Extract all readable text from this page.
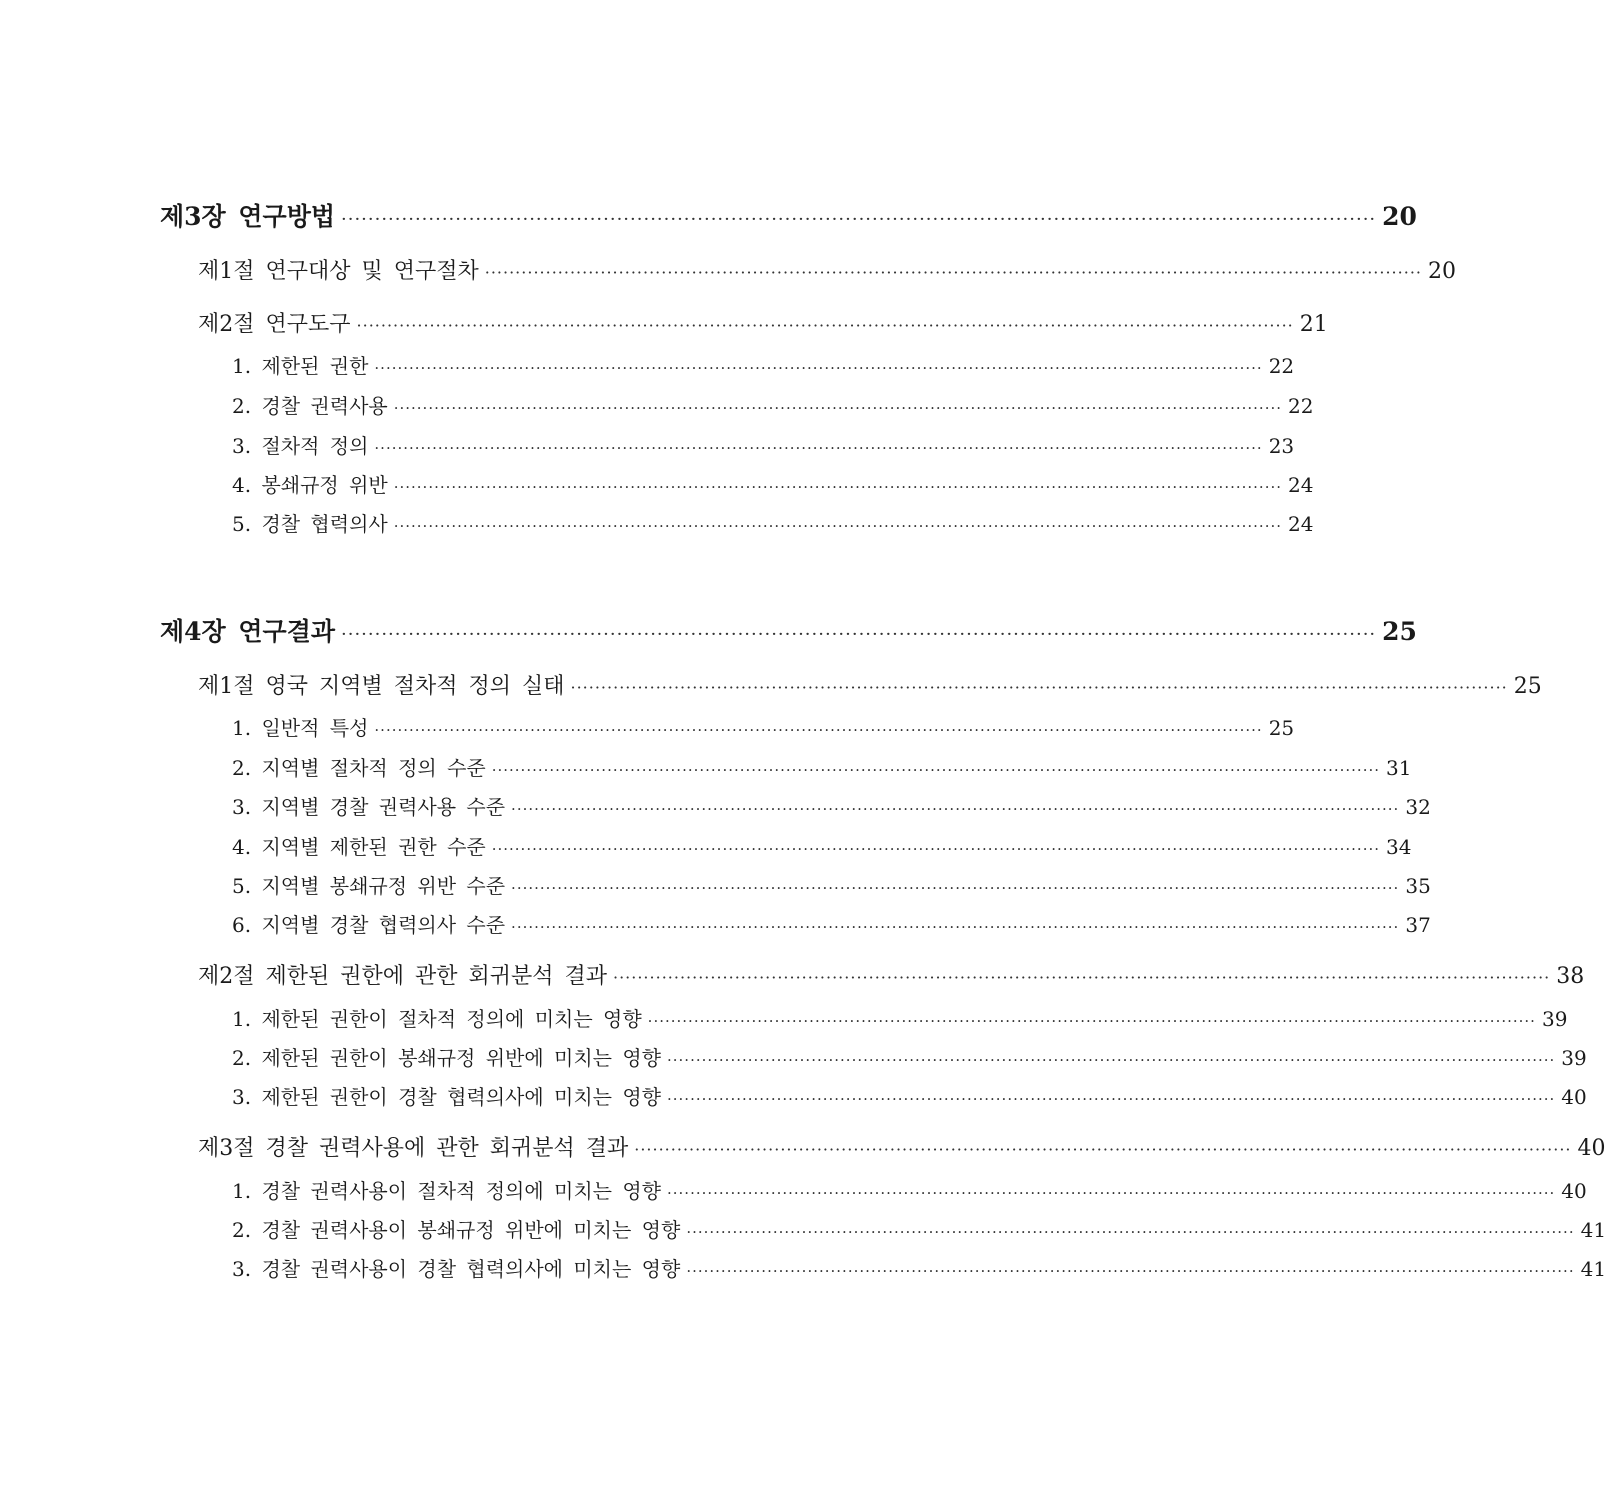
제3장 연구방법 ·························································································································································· 20
제1절 연구대상 및 연구절차 ·························································································································································· 20
제2절 연구도구 ·························································································································································· 21
1. 제한된 권한 ·························································································································································· 22
2. 경찰 권력사용 ·························································································································································· 22
3. 절차적 정의 ·························································································································································· 23
4. 봉쇄규정 위반 ·························································································································································· 24
5. 경찰 협력의사 ·························································································································································· 24
제4장 연구결과 ·························································································································································· 25
제1절 영국 지역별 절차적 정의 실태 ·························································································································································· 25
1. 일반적 특성 ·························································································································································· 25
2. 지역별 절차적 정의 수준 ·························································································································································· 31
3. 지역별 경찰 권력사용 수준 ·························································································································································· 32
4. 지역별 제한된 권한 수준 ·························································································································································· 34
5. 지역별 봉쇄규정 위반 수준 ·························································································································································· 35
6. 지역별 경찰 협력의사 수준 ·························································································································································· 37
제2절 제한된 권한에 관한 회귀분석 결과 ·························································································································································· 38
1. 제한된 권한이 절차적 정의에 미치는 영향 ·························································································································································· 39
2. 제한된 권한이 봉쇄규정 위반에 미치는 영향 ·························································································································································· 39
3. 제한된 권한이 경찰 협력의사에 미치는 영향 ·························································································································································· 40
제3절 경찰 권력사용에 관한 회귀분석 결과 ·························································································································································· 40
1. 경찰 권력사용이 절차적 정의에 미치는 영향 ·························································································································································· 40
2. 경찰 권력사용이 봉쇄규정 위반에 미치는 영향 ·························································································································································· 41
3. 경찰 권력사용이 경찰 협력의사에 미치는 영향 ·························································································································································· 41
